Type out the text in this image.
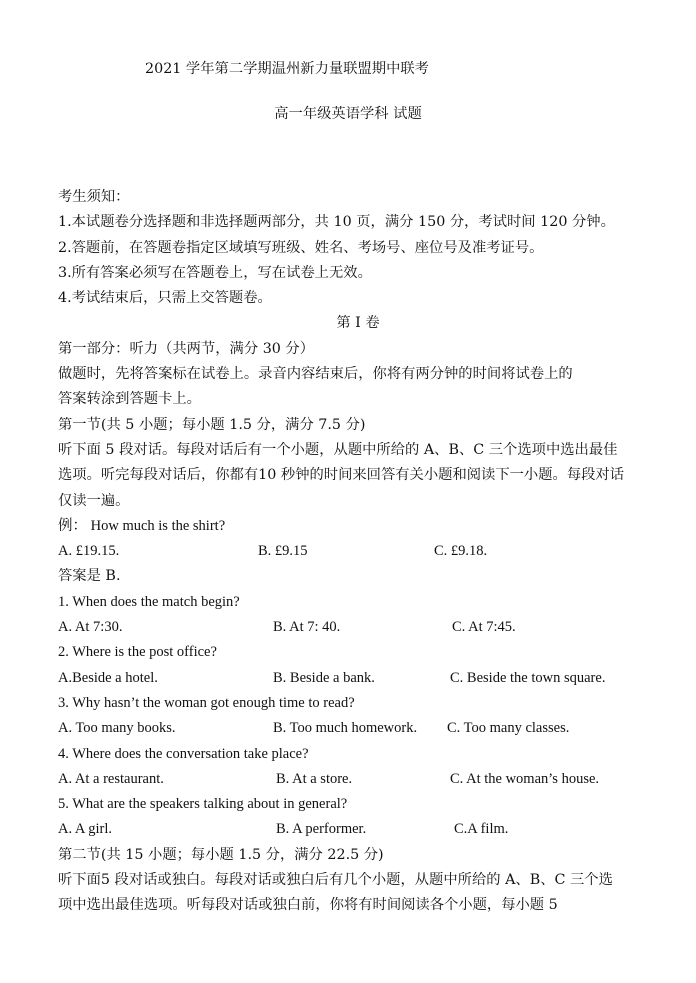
2021 学年第二学期温州新力量联盟期中联考
高一年级英语学科 试题
考生须知：
1.本试题卷分选择题和非选择题两部分，共 10 页，满分 150 分，考试时间 120 分钟。
2.答题前，在答题卷指定区域填写班级、姓名、考场号、座位号及准考证号。
3.所有答案必须写在答题卷上，写在试卷上无效。
4.考试结束后，只需上交答题卷。
第 I 卷
第一部分：听力（共两节，满分 30 分）
做题时，先将答案标在试卷上。录音内容结束后，你将有两分钟的时间将试卷上的
答案转涂到答题卡上。
第一节(共 5 小题；每小题 1.5 分，满分 7.5 分)
听下面 5 段对话。每段对话后有一个小题，从题中所给的 A、B、C 三个选项中选出最佳
选项。听完每段对话后，你都有10 秒钟的时间来回答有关小题和阅读下一小题。每段对话
仅读一遍。
例： How much is the shirt?
A. £19.15.	B. £9.15	C. £9.18.
答案是 B.
1. When does the match begin?
A. At 7:30.	B. At 7: 40.	C. At 7:45.
2. Where is the post office?
A.Beside a hotel.	B. Beside a bank.	C. Beside the town square.
3. Why hasn’t the woman got enough time to read?
A. Too many books.	B. Too much homework. C. Too many classes.
4. Where does the conversation take place?
A. At a restaurant.	B. At a store.	C. At the woman’s house.
5. What are the speakers talking about in general?
A. A girl.	B. A performer.	C.A film.
第二节(共 15 小题；每小题 1.5 分，满分 22.5 分)
听下面5 段对话或独白。每段对话或独白后有几个小题，从题中所给的 A、B、C 三个选
项中选出最佳选项。听每段对话或独白前，你将有时间阅读各个小题，每小题 5
